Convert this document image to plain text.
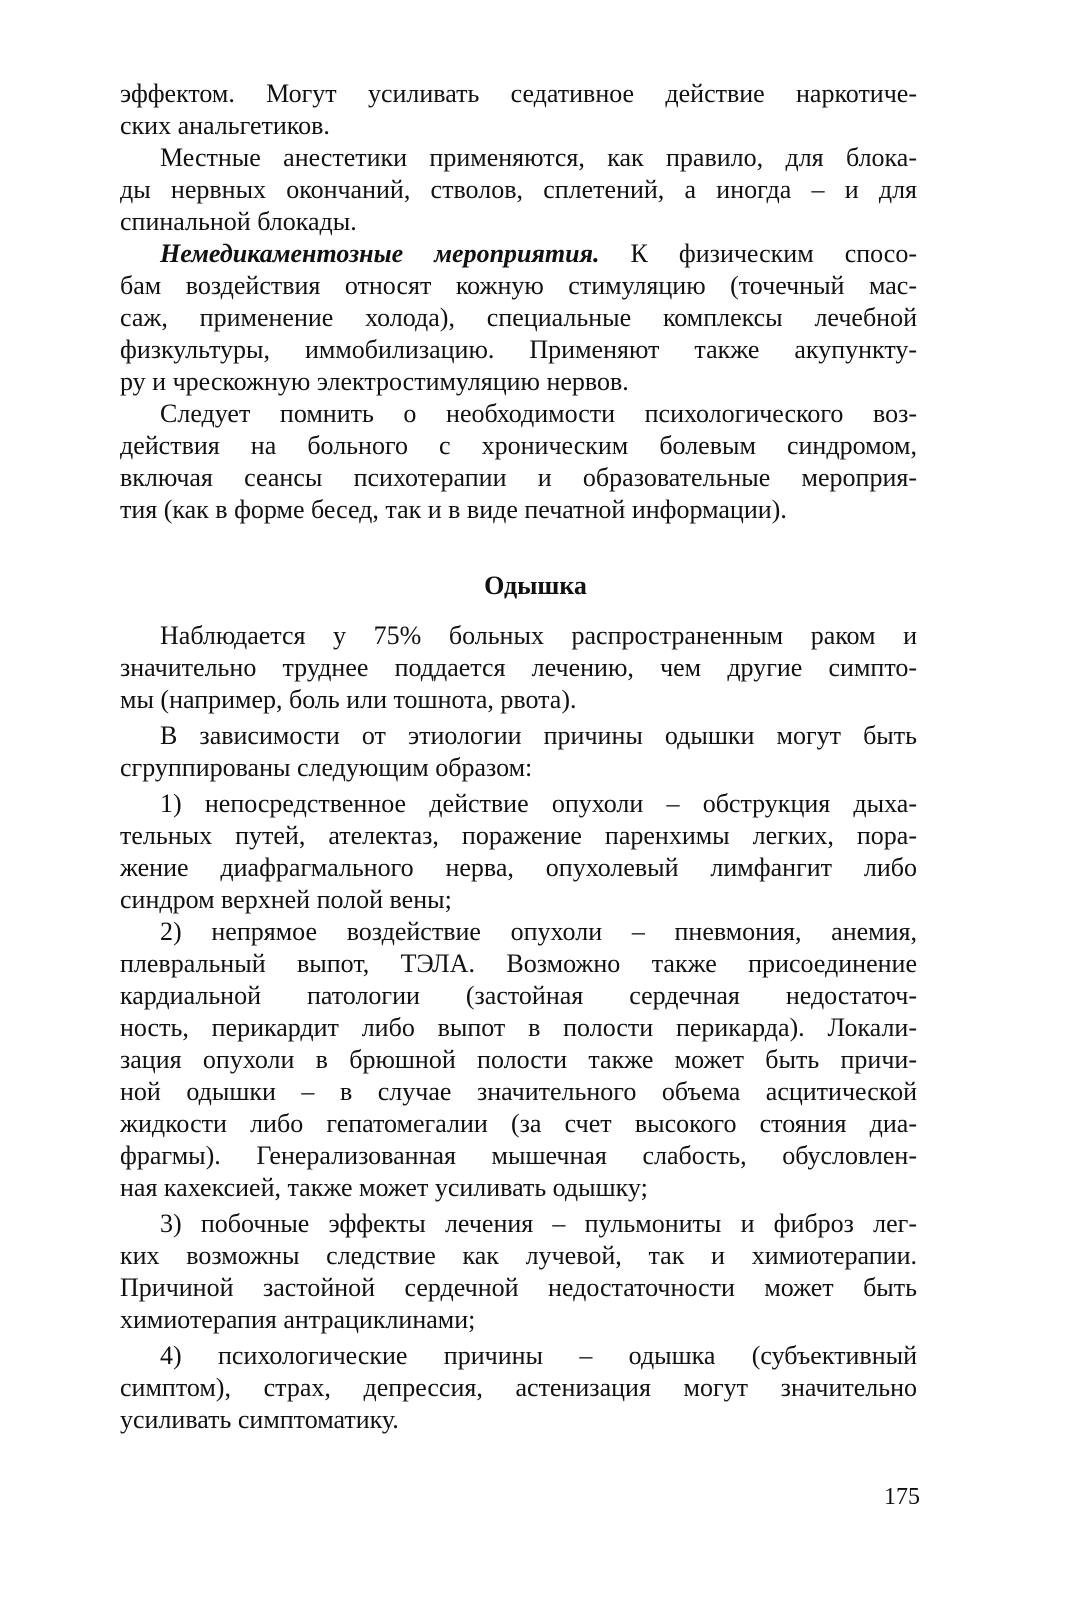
эффектом. Могут усиливать седативное действие наркотиче-
ских анальгетиков.
Местные анестетики применяются, как правило, для блока-
ды нервных окончаний, стволов, сплетений, а иногда – и для
спинальной блокады.
Немедикаментозные мероприятия. К физическим спосо-
бам воздействия относят кожную стимуляцию (точечный мас-
саж, применение холода), специальные комплексы лечебной
физкультуры, иммобилизацию. Применяют также акупункту-
ру и чрескожную электростимуляцию нервов.
Следует помнить о необходимости психологического воз-
действия на больного с хроническим болевым синдромом,
включая сеансы психотерапии и образовательные мероприя-
тия (как в форме бесед, так и в виде печатной информации).
Одышка
Наблюдается у 75% больных распространенным раком и
значительно труднее поддается лечению, чем другие симпто-
мы (например, боль или тошнота, рвота).
В зависимости от этиологии причины одышки могут быть
сгруппированы следующим образом:
1) непосредственное действие опухоли – обструкция дыха-
тельных путей, ателектаз, поражение паренхимы легких, пора-
жение диафрагмального нерва, опухолевый лимфангит либо
синдром верхней полой вены;
2) непрямое воздействие опухоли – пневмония, анемия,
плевральный выпот, ТЭЛА. Возможно также присоединение
кардиальной патологии (застойная сердечная недостаточ-
ность, перикардит либо выпот в полости перикарда). Локали-
зация опухоли в брюшной полости также может быть причи-
ной одышки – в случае значительного объема асцитической
жидкости либо гепатомегалии (за счет высокого стояния диа-
фрагмы). Генерализованная мышечная слабость, обусловлен-
ная кахексией, также может усиливать одышку;
3) побочные эффекты лечения – пульмониты и фиброз лег-
ких возможны следствие как лучевой, так и химиотерапии.
Причиной застойной сердечной недостаточности может быть
химиотерапия антрациклинами;
4) психологические причины – одышка (субъективный
симптом), страх, депрессия, астенизация могут значительно
усиливать симптоматику.
175
